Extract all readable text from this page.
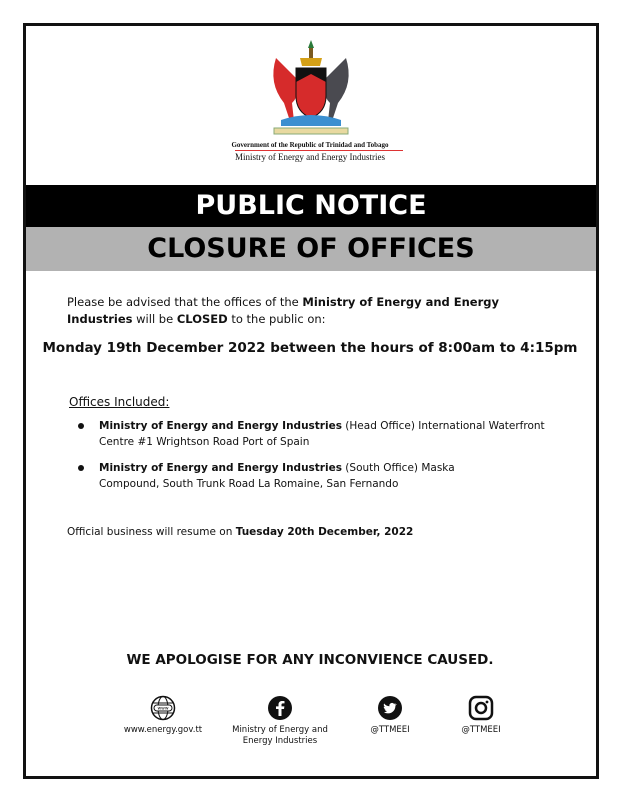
Government of the Republic of Trinidad and Tobago
Ministry of Energy and Energy Industries
PUBLIC NOTICE
CLOSURE OF OFFICES
Please be advised that the offices of the Ministry of Energy and Energy Industries will be CLOSED to the public on:
Monday 19th December 2022 between the hours of 8:00am to 4:15pm
Offices Included:
Ministry of Energy and Energy Industries (Head Office) International Waterfront Centre #1 Wrightson Road Port of Spain
Ministry of Energy and Energy Industries (South Office) Maska Compound, South Trunk Road La Romaine, San Fernando
Official business will resume on Tuesday 20th December, 2022
WE APOLOGISE FOR ANY INCONVIENCE CAUSED.
www
www.energy.gov.tt	Ministry of Energy and Energy Industries
@TTMEEI	@TTMEEI
